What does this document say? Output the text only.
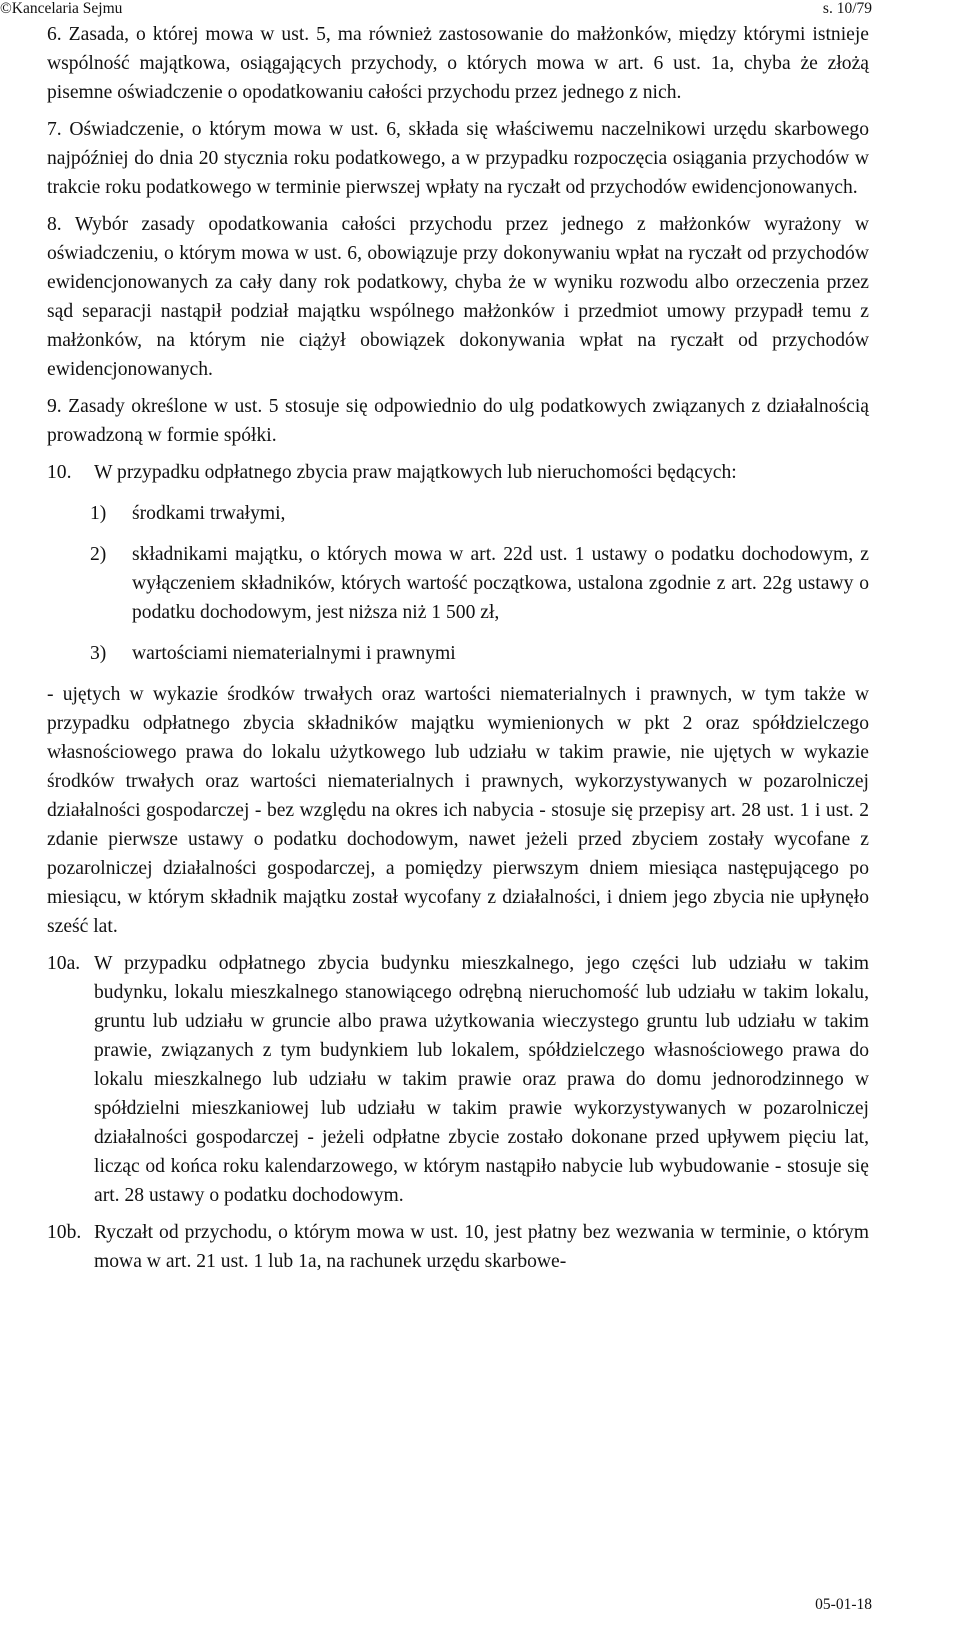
©Kancelaria Sejmu	s. 10/79

6. Zasada, o której mowa w ust. 5, ma również zastosowanie do małżonków, między którymi istnieje wspólność majątkowa, osiągających przychody, o których mowa w art. 6 ust. 1a, chyba że złożą pisemne oświadczenie o opodatkowaniu całości przychodu przez jednego z nich.

7. Oświadczenie, o którym mowa w ust. 6, składa się właściwemu naczelnikowi urzędu skarbowego najpóźniej do dnia 20 stycznia roku podatkowego, a w przypadku rozpoczęcia osiągania przychodów w trakcie roku podatkowego w terminie pierwszej wpłaty na ryczałt od przychodów ewidencjonowanych.

8. Wybór zasady opodatkowania całości przychodu przez jednego z małżonków wyrażony w oświadczeniu, o którym mowa w ust. 6, obowiązuje przy dokonywaniu wpłat na ryczałt od przychodów ewidencjonowanych za cały dany rok podatkowy, chyba że w wyniku rozwodu albo orzeczenia przez sąd separacji nastąpił podział majątku wspólnego małżonków i przedmiot umowy przypadł temu z małżonków, na którym nie ciążył obowiązek dokonywania wpłat na ryczałt od przychodów ewidencjonowanych.

9. Zasady określone w ust. 5 stosuje się odpowiednio do ulg podatkowych związanych z działalnością prowadzoną w formie spółki.

10. W przypadku odpłatnego zbycia praw majątkowych lub nieruchomości będących:

1) środkami trwałymi,

2) składnikami majątku, o których mowa w art. 22d ust. 1 ustawy o podatku dochodowym, z wyłączeniem składników, których wartość początkowa, ustalona zgodnie z art. 22g ustawy o podatku dochodowym, jest niższa niż 1 500 zł,

3) wartościami niematerialnymi i prawnymi

- ujętych w wykazie środków trwałych oraz wartości niematerialnych i prawnych, w tym także w przypadku odpłatnego zbycia składników majątku wymienionych w pkt 2 oraz spółdzielczego własnościowego prawa do lokalu użytkowego lub udziału w takim prawie, nie ujętych w wykazie środków trwałych oraz wartości niematerialnych i prawnych, wykorzystywanych w pozarolniczej działalności gospodarczej - bez względu na okres ich nabycia - stosuje się przepisy art. 28 ust. 1 i ust. 2 zdanie pierwsze ustawy o podatku dochodowym, nawet jeżeli przed zbyciem zostały wycofane z pozarolniczej działalności gospodarczej, a pomiędzy pierwszym dniem miesiąca następującego po miesiącu, w którym składnik majątku został wycofany z działalności, i dniem jego zbycia nie upłynęło sześć lat.

10a. W przypadku odpłatnego zbycia budynku mieszkalnego, jego części lub udziału w takim budynku, lokalu mieszkalnego stanowiącego odrębną nieruchomość lub udziału w takim lokalu, gruntu lub udziału w gruncie albo prawa użytkowania wieczystego gruntu lub udziału w takim prawie, związanych z tym budynkiem lub lokalem, spółdzielczego własnościowego prawa do lokalu mieszkalnego lub udziału w takim prawie oraz prawa do domu jednorodzinnego w spółdzielni mieszkaniowej lub udziału w takim prawie wykorzystywanych w pozarolniczej działalności gospodarczej - jeżeli odpłatne zbycie zostało dokonane przed upływem pięciu lat, licząc od końca roku kalendarzowego, w którym nastąpiło nabycie lub wybudowanie - stosuje się art. 28 ustawy o podatku dochodowym.

10b. Ryczałt od przychodu, o którym mowa w ust. 10, jest płatny bez wezwania w terminie, o którym mowa w art. 21 ust. 1 lub 1a, na rachunek urzędu skarbowe-

05-01-18
